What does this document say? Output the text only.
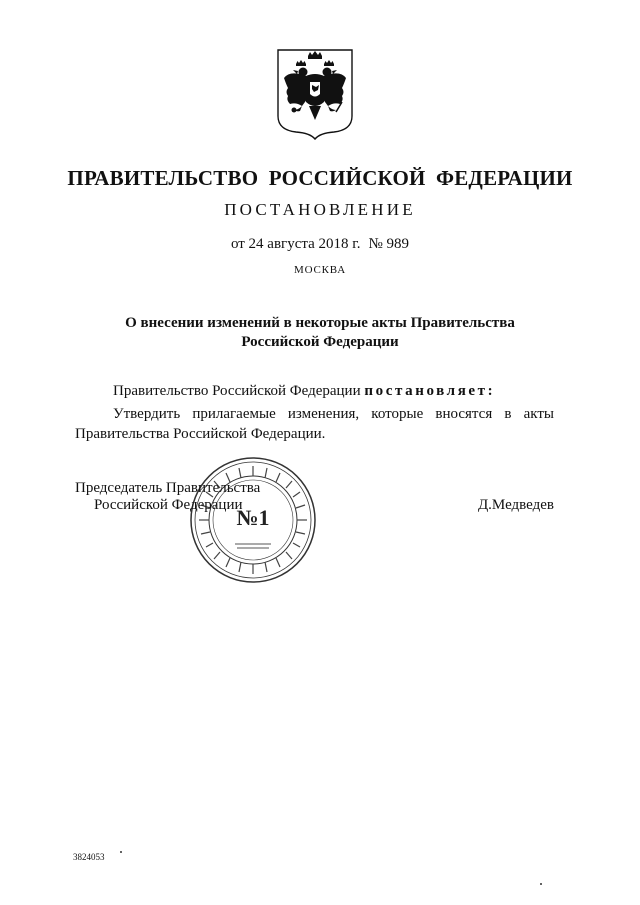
ПРАВИТЕЛЬСТВО РОССИЙСКОЙ ФЕДЕРАЦИИ
ПОСТАНОВЛЕНИЕ
от 24 августа 2018 г. № 989
МОСКВА
О внесении изменений в некоторые акты Правительства
Российской Федерации
Правительство Российской Федерации постановляет:
Утвердить прилагаемые изменения, которые вносятся в акты Правительства Российской Федерации.
№1
Председатель Правительства
Российской Федерации	Д.Медведев
3824053
